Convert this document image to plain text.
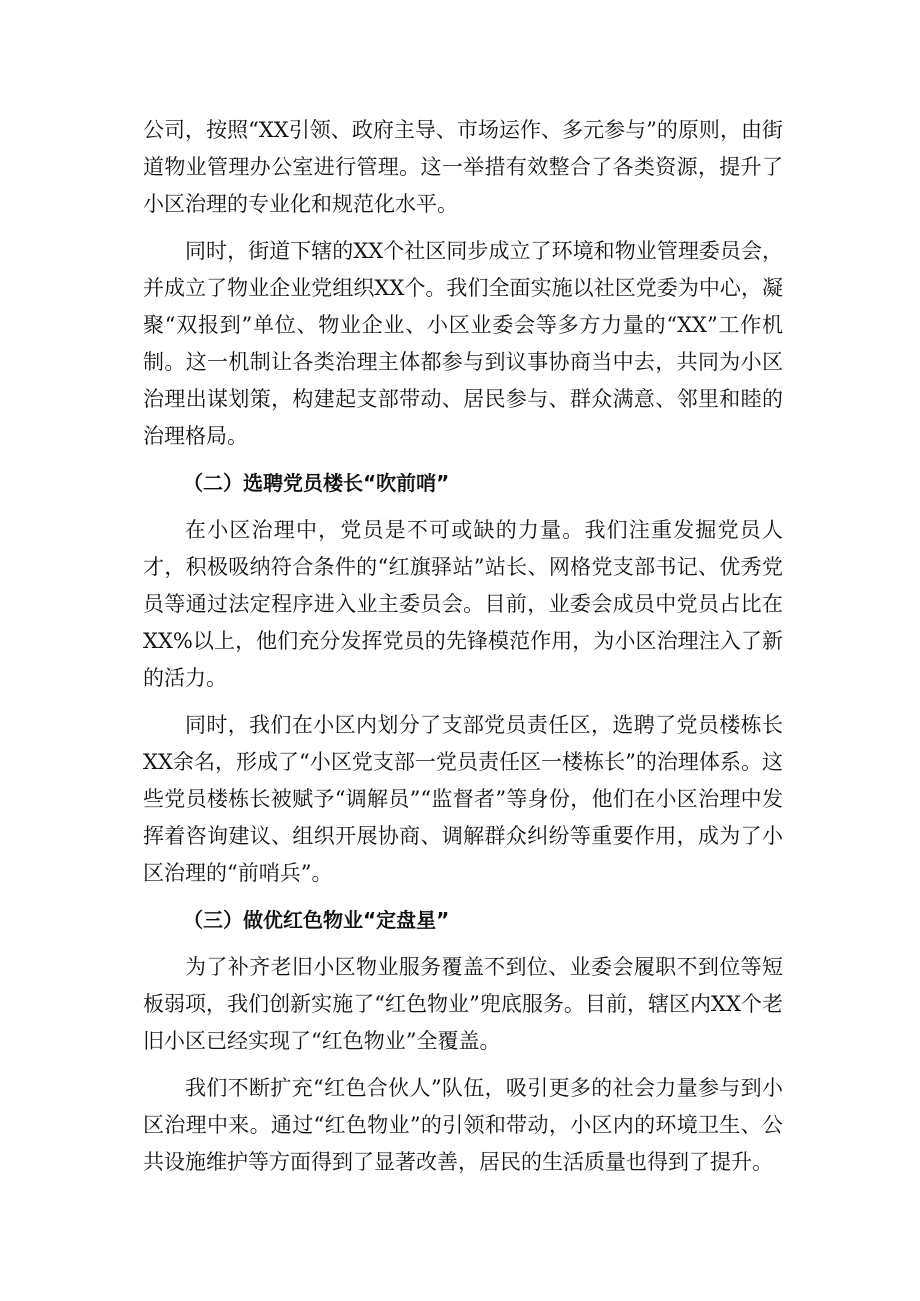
公司，按照“XX引领、政府主导、市场运作、多元参与”的原则，由街道物业管理办公室进行管理。这一举措有效整合了各类资源，提升了小区治理的专业化和规范化水平。

同时，街道下辖的XX个社区同步成立了环境和物业管理委员会，并成立了物业企业党组织XX个。我们全面实施以社区党委为中心，凝聚“双报到”单位、物业企业、小区业委会等多方力量的“XX”工作机制。这一机制让各类治理主体都参与到议事协商当中去，共同为小区治理出谋划策，构建起支部带动、居民参与、群众满意、邻里和睦的治理格局。

（二）选聘党员楼长“吹前哨”

在小区治理中，党员是不可或缺的力量。我们注重发掘党员人才，积极吸纳符合条件的“红旗驿站”站长、网格党支部书记、优秀党员等通过法定程序进入业主委员会。目前，业委会成员中党员占比在XX%以上，他们充分发挥党员的先锋模范作用，为小区治理注入了新的活力。

同时，我们在小区内划分了支部党员责任区，选聘了党员楼栋长XX余名，形成了“小区党支部一党员责任区一楼栋长”的治理体系。这些党员楼栋长被赋予“调解员”“监督者”等身份，他们在小区治理中发挥着咨询建议、组织开展协商、调解群众纠纷等重要作用，成为了小区治理的“前哨兵”。

（三）做优红色物业“定盘星”

为了补齐老旧小区物业服务覆盖不到位、业委会履职不到位等短板弱项，我们创新实施了“红色物业”兜底服务。目前，辖区内XX个老旧小区已经实现了“红色物业”全覆盖。

我们不断扩充“红色合伙人”队伍，吸引更多的社会力量参与到小区治理中来。通过“红色物业”的引领和带动，小区内的环境卫生、公共设施维护等方面得到了显著改善，居民的生活质量也得到了提升。
